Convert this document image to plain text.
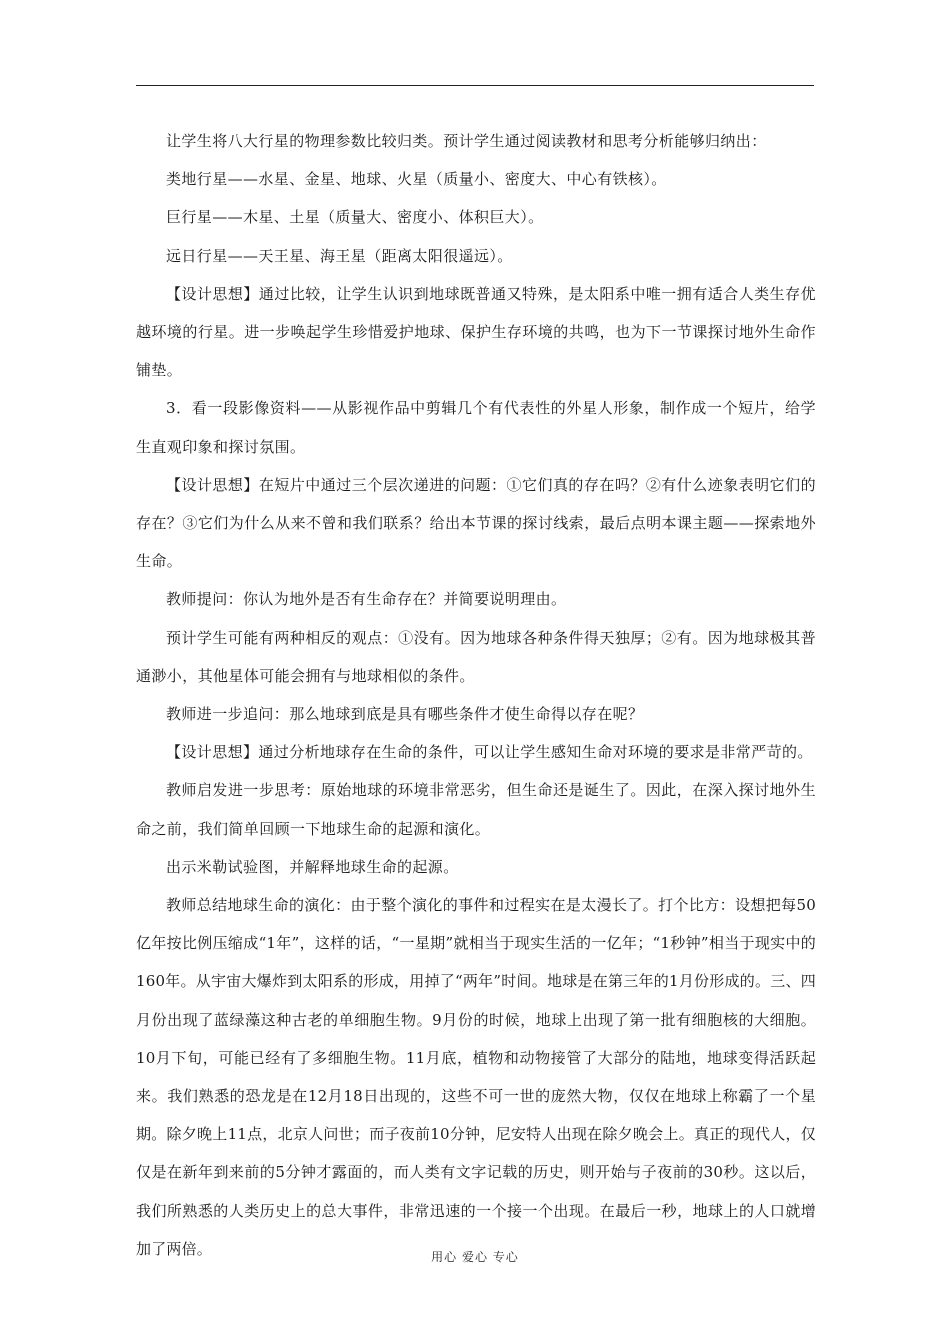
让学生将八大行星的物理参数比较归类。预计学生通过阅读教材和思考分析能够归纳出：

类地行星——水星、金星、地球、火星（质量小、密度大、中心有铁核）。

巨行星——木星、土星（质量大、密度小、体积巨大）。

远日行星——天王星、海王星（距离太阳很遥远）。

【设计思想】通过比较，让学生认识到地球既普通又特殊，是太阳系中唯一拥有适合人类生存优越环境的行星。进一步唤起学生珍惜爱护地球、保护生存环境的共鸣，也为下一节课探讨地外生命作铺垫。

3．看一段影像资料——从影视作品中剪辑几个有代表性的外星人形象，制作成一个短片，给学生直观印象和探讨氛围。

【设计思想】在短片中通过三个层次递进的问题：①它们真的存在吗？②有什么迹象表明它们的存在？③它们为什么从来不曾和我们联系？给出本节课的探讨线索，最后点明本课主题——探索地外生命。

教师提问：你认为地外是否有生命存在？并简要说明理由。

预计学生可能有两种相反的观点：①没有。因为地球各种条件得天独厚；②有。因为地球极其普通渺小，其他星体可能会拥有与地球相似的条件。

教师进一步追问：那么地球到底是具有哪些条件才使生命得以存在呢？

【设计思想】通过分析地球存在生命的条件，可以让学生感知生命对环境的要求是非常严苛的。

教师启发进一步思考：原始地球的环境非常恶劣，但生命还是诞生了。因此，在深入探讨地外生命之前，我们简单回顾一下地球生命的起源和演化。

出示米勒试验图，并解释地球生命的起源。

教师总结地球生命的演化：由于整个演化的事件和过程实在是太漫长了。打个比方：设想把每50亿年按比例压缩成“1年”，这样的话，“一星期”就相当于现实生活的一亿年；“1秒钟”相当于现实中的160年。从宇宙大爆炸到太阳系的形成，用掉了“两年”时间。地球是在第三年的1月份形成的。三、四月份出现了蓝绿藻这种古老的单细胞生物。9月份的时候，地球上出现了第一批有细胞核的大细胞。10月下旬，可能已经有了多细胞生物。11月底，植物和动物接管了大部分的陆地，地球变得活跃起来。我们熟悉的恐龙是在12月18日出现的，这些不可一世的庞然大物，仅仅在地球上称霸了一个星期。除夕晚上11点，北京人问世；而子夜前10分钟，尼安特人出现在除夕晚会上。真正的现代人，仅仅是在新年到来前的5分钟才露面的，而人类有文字记载的历史，则开始与子夜前的30秒。这以后，我们所熟悉的人类历史上的总大事件，非常迅速的一个接一个出现。在最后一秒，地球上的人口就增加了两倍。	用心 爱心 专心
